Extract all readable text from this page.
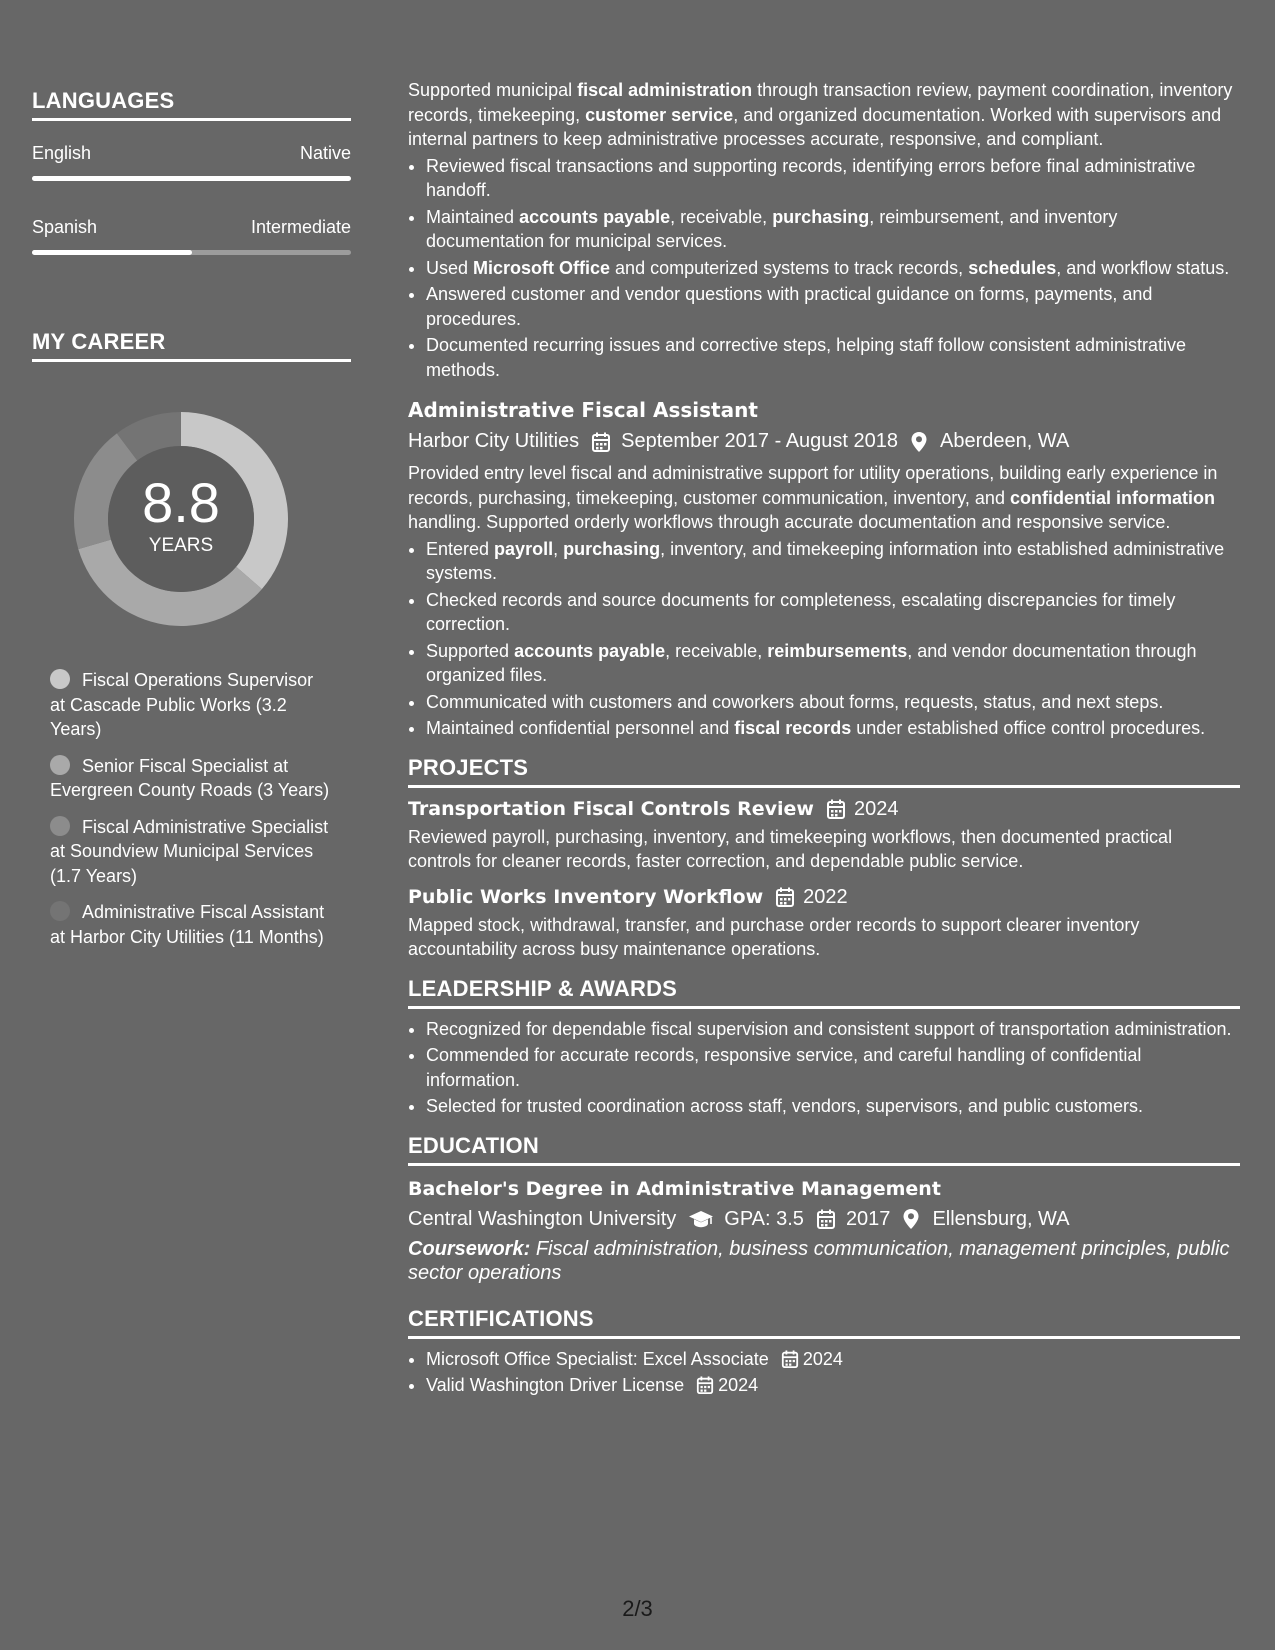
LANGUAGES
English	Native
Spanish	Intermediate
MY CAREER
8.8
YEARS
Fiscal Operations Supervisor at Cascade Public Works (3.2 Years)
Senior Fiscal Specialist at Evergreen County Roads (3 Years)
Fiscal Administrative Specialist at Soundview Municipal Services (1.7 Years)
Administrative Fiscal Assistant at Harbor City Utilities (11 Months)

Supported municipal fiscal administration through transaction review, payment coordination, inventory records, timekeeping, customer service, and organized documentation. Worked with supervisors and internal partners to keep administrative processes accurate, responsive, and compliant.

• Reviewed fiscal transactions and supporting records, identifying errors before final administrative handoff.
• Maintained accounts payable, receivable, purchasing, reimbursement, and inventory documentation for municipal services.
• Used Microsoft Office and computerized systems to track records, schedules, and workflow status.
• Answered customer and vendor questions with practical guidance on forms, payments, and procedures.
• Documented recurring issues and corrective steps, helping staff follow consistent administrative methods.
Administrative Fiscal Assistant
Harbor City Utilities September 2017 - August 2018 Aberdeen, WA

Provided entry level fiscal and administrative support for utility operations, building early experience in records, purchasing, timekeeping, customer communication, inventory, and confidential information handling. Supported orderly workflows through accurate documentation and responsive service.

• Entered payroll, purchasing, inventory, and timekeeping information into established administrative systems.
• Checked records and source documents for completeness, escalating discrepancies for timely correction.
• Supported accounts payable, receivable, reimbursements, and vendor documentation through organized files.
• Communicated with customers and coworkers about forms, requests, status, and next steps.
• Maintained confidential personnel and fiscal records under established office control procedures.
PROJECTS
Transportation Fiscal Controls Review 2024

Reviewed payroll, purchasing, inventory, and timekeeping workflows, then documented practical controls for cleaner records, faster correction, and dependable public service.

Public Works Inventory Workflow 2022

Mapped stock, withdrawal, transfer, and purchase order records to support clearer inventory accountability across busy maintenance operations.

LEADERSHIP & AWARDS
• Recognized for dependable fiscal supervision and consistent support of transportation administration.
• Commended for accurate records, responsive service, and careful handling of confidential information.
• Selected for trusted coordination across staff, vendors, supervisors, and public customers.
EDUCATION
Bachelor's Degree in Administrative Management
Central Washington University GPA: 3.5 2017 Ellensburg, WA

Coursework: Fiscal administration, business communication, management principles, public sector operations

CERTIFICATIONS
• Microsoft Office Specialist: Excel Associate 2024
• Valid Washington Driver License 2024
2/3
